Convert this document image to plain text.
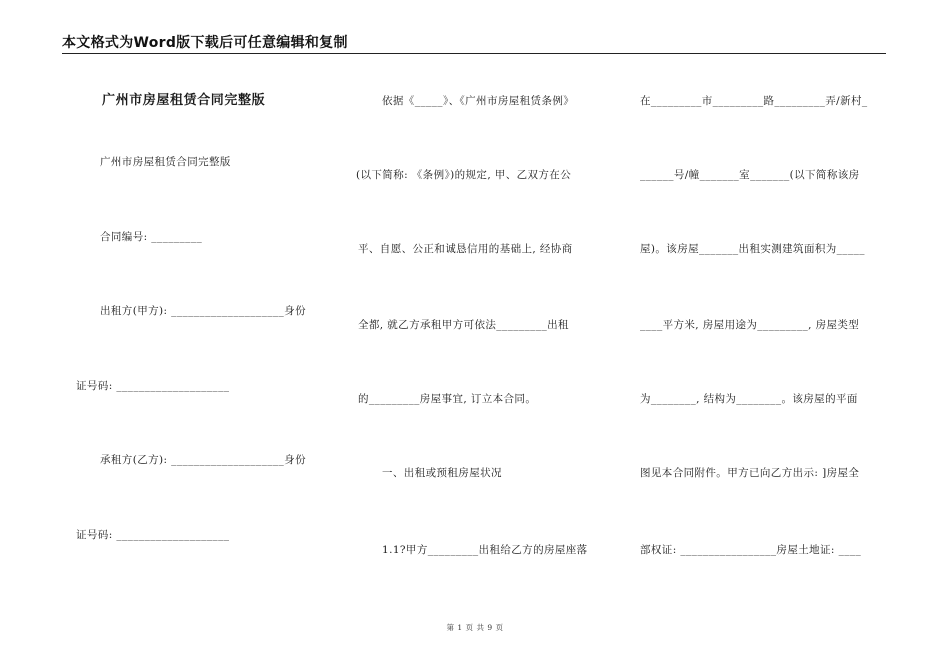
本文格式为Word版下载后可任意编辑和复制
广州市房屋租赁合同完整版
广州市房屋租赁合同完整版
合同编号: _________
出租方(甲方): ____________________身份
证号码: ____________________
承租方(乙方): ____________________身份
证号码: ____________________
依据《_____》、《广州市房屋租赁条例》
(以下简称: 《条例》)的规定, 甲、乙双方在公
平、自愿、公正和诚恳信用的基础上, 经协商
全都, 就乙方承租甲方可依法_________出租
的_________房屋事宜, 订立本合同。
一、出租或预租房屋状况
1.1?甲方_________出租给乙方的房屋座落
在_________市_________路_________弄/新村_
______号/幢_______室_______(以下简称该房
屋)。该房屋_______出租实测建筑面积为_____
____平方米, 房屋用途为_________, 房屋类型
为________, 结构为________。该房屋的平面
图见本合同附件。甲方已向乙方出示: ]房屋全
部权证: _________________房屋土地证: ____
第 1 页 共 9 页
